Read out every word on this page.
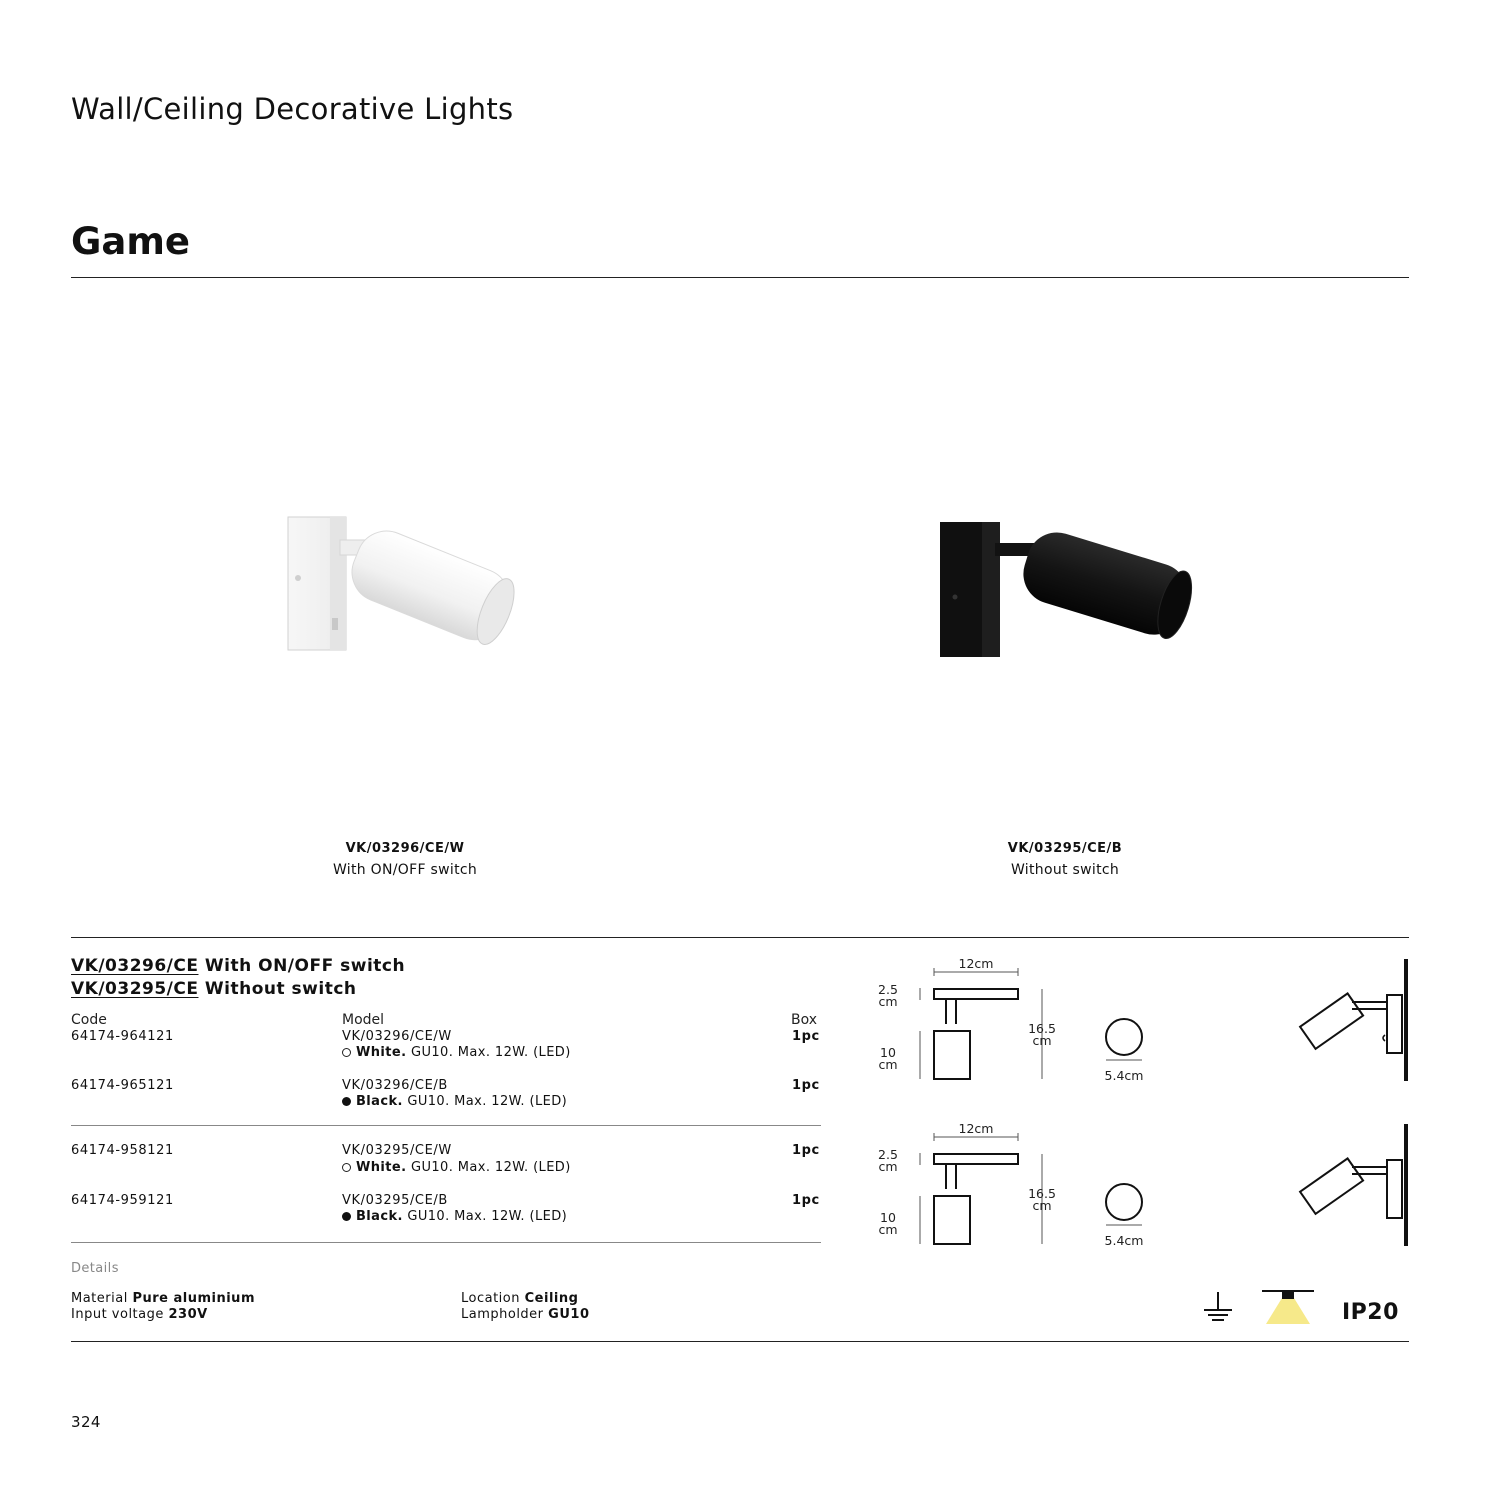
Wall/Ceiling Decorative Lights
Game
VK/03296/CE/W
With ON/OFF switch
VK/03295/CE/B
Without switch
VK/03296/CE With ON/OFF switch
VK/03295/CE Without switch
Code	Model	Box
64174-964121	VK/03296/CE/W	1pc
White. GU10. Max. 12W. (LED)
64174-965121	VK/03296/CE/B	1pc
Black. GU10. Max. 12W. (LED)
64174-958121	VK/03295/CE/W	1pc
White. GU10. Max. 12W. (LED)
64174-959121	VK/03295/CE/B	1pc
Black. GU10. Max. 12W. (LED)
12cm
2.5
cm
10
cm
16.5
cm
5.4cm
12cm
2.5
cm
10
cm
16.5
cm
5.4cm
Details
Material Pure aluminium
Input voltage 230V
Location Ceiling
Lampholder GU10	IP20
324
